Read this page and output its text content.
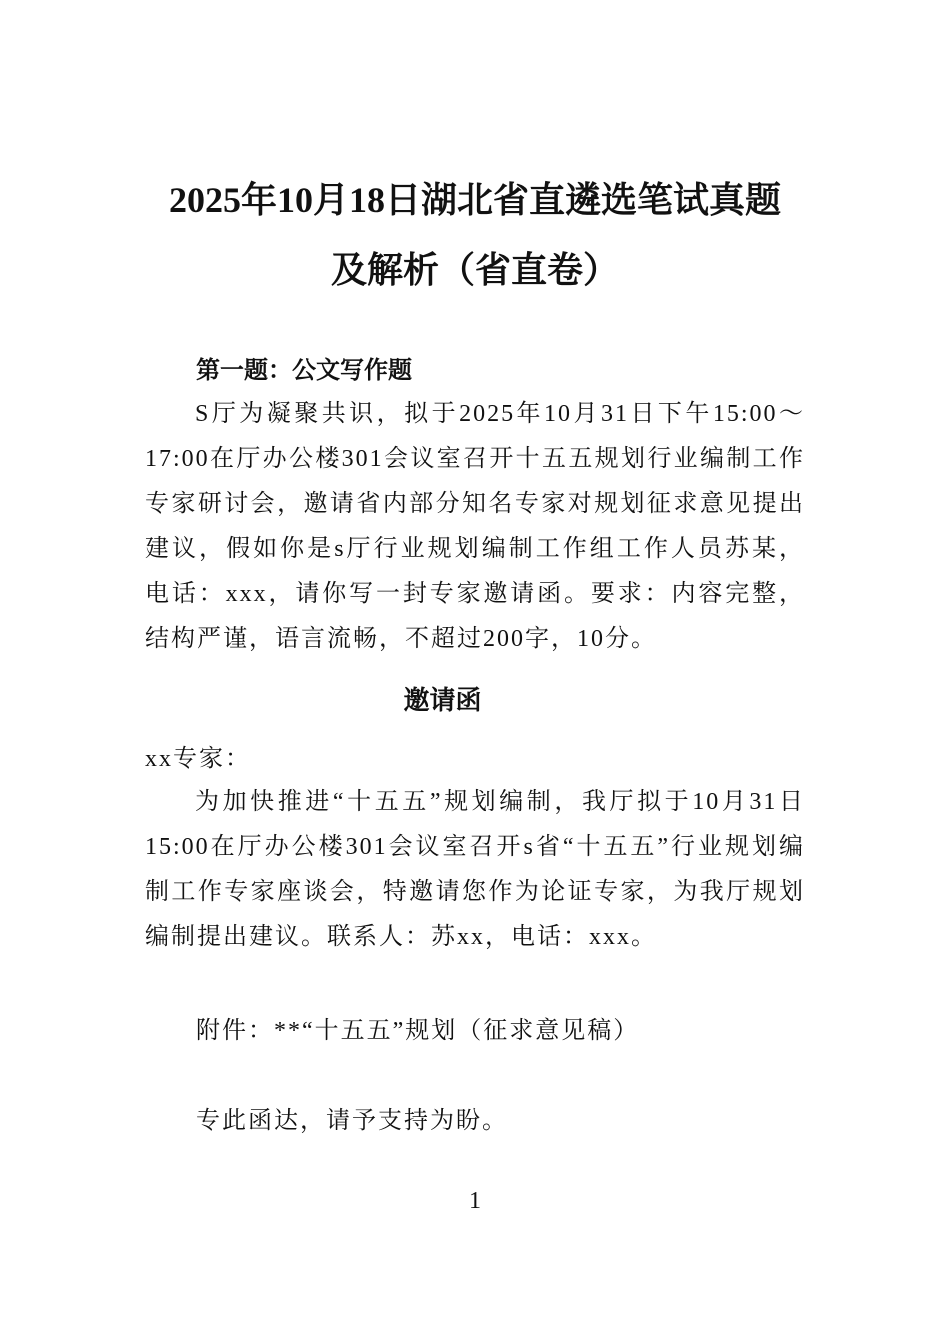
2025年10月18日湖北省直遴选笔试真题
及解析（省直卷）
第一题：公文写作题

S厅为凝聚共识，拟于2025年10月31日下午15:00～17:00在厅办公楼301会议室召开十五五规划行业编制工作专家研讨会，邀请省内部分知名专家对规划征求意见提出建议，假如你是s厅行业规划编制工作组工作人员苏某，电话：xxx，请你写一封专家邀请函。要求：内容完整，结构严谨，语言流畅，不超过200字，10分。

邀请函
xx专家：

为加快推进“十五五”规划编制，我厅拟于10月31日15:00在厅办公楼301会议室召开s省“十五五”行业规划编制工作专家座谈会，特邀请您作为论证专家，为我厅规划编制提出建议。联系人：苏xx，电话：xxx。

附件：**“十五五”规划（征求意见稿）
专此函达，请予支持为盼。
1
